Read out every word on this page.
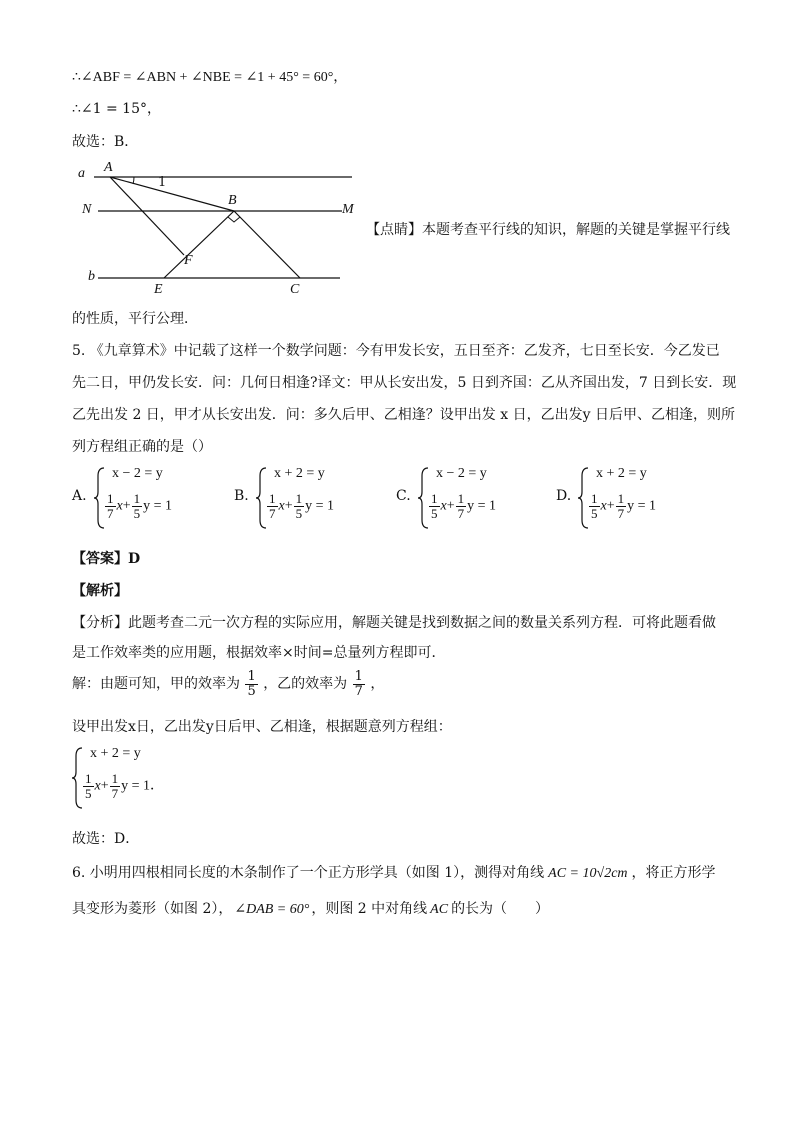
∴∠ABF = ∠ABN + ∠NBE = ∠1 + 45° = 60°，
∴∠1 = 15°，
故选：B．
a A
1
N
B
M
F
b
E	C
【点睛】本题考查平行线的知识，解题的关键是掌握平行线
的性质，平行公理．
5. 《九章算术》中记载了这样一个数学问题：今有甲发长安，五日至齐：乙发齐，七日至长安．今乙发已
先二日，甲仍发长安．问：几何日相逢?译文：甲从长安出发，5 日到齐国：乙从齐国出发，7 日到长安．现
乙先出发 2 日，甲才从长安出发．问：多久后甲、乙相逢？设甲出发 x 日，乙出发y 日后甲、乙相逢，则所
列方程组正确的是（）
A.
x − 2 = y
$\frac{1}{7} x+ \frac{1}{5}$ y = 1
B.
x + 2 = y
$\frac{1}{7} x+ \frac{1}{5}$ y = 1
C.
x − 2 = y
$\frac{1}{5} x+ \frac{1}{7}$ y = 1
D.
x + 2 = y
$\frac{1}{5} x+ \frac{1}{7}$ y = 1
【答案】D
【解析】
【分析】此题考查二元一次方程的实际应用，解题关键是找到数据之间的数量关系列方程．可将此题看做
是工作效率类的应用题，根据效率×时间=总量列方程即可．
解：由题可知，甲的效率为 $\frac{1}{5}$ ，乙的效率为 $\frac{1}{7}$ ，
设甲出发x日，乙出发y日后甲、乙相逢，根据题意列方程组：
x + 2 = y
$\frac{1}{5} x+ \frac{1}{7}$ y = 1．
故选：D．
6. 小明用四根相同长度的木条制作了一个正方形学具（如图 1），测得对角线 AC = 10√2cm ，将正方形学
具变形为菱形（如图 2）， ∠DAB = 60° ，则图 2 中对角线 AC 的长为（　　）
